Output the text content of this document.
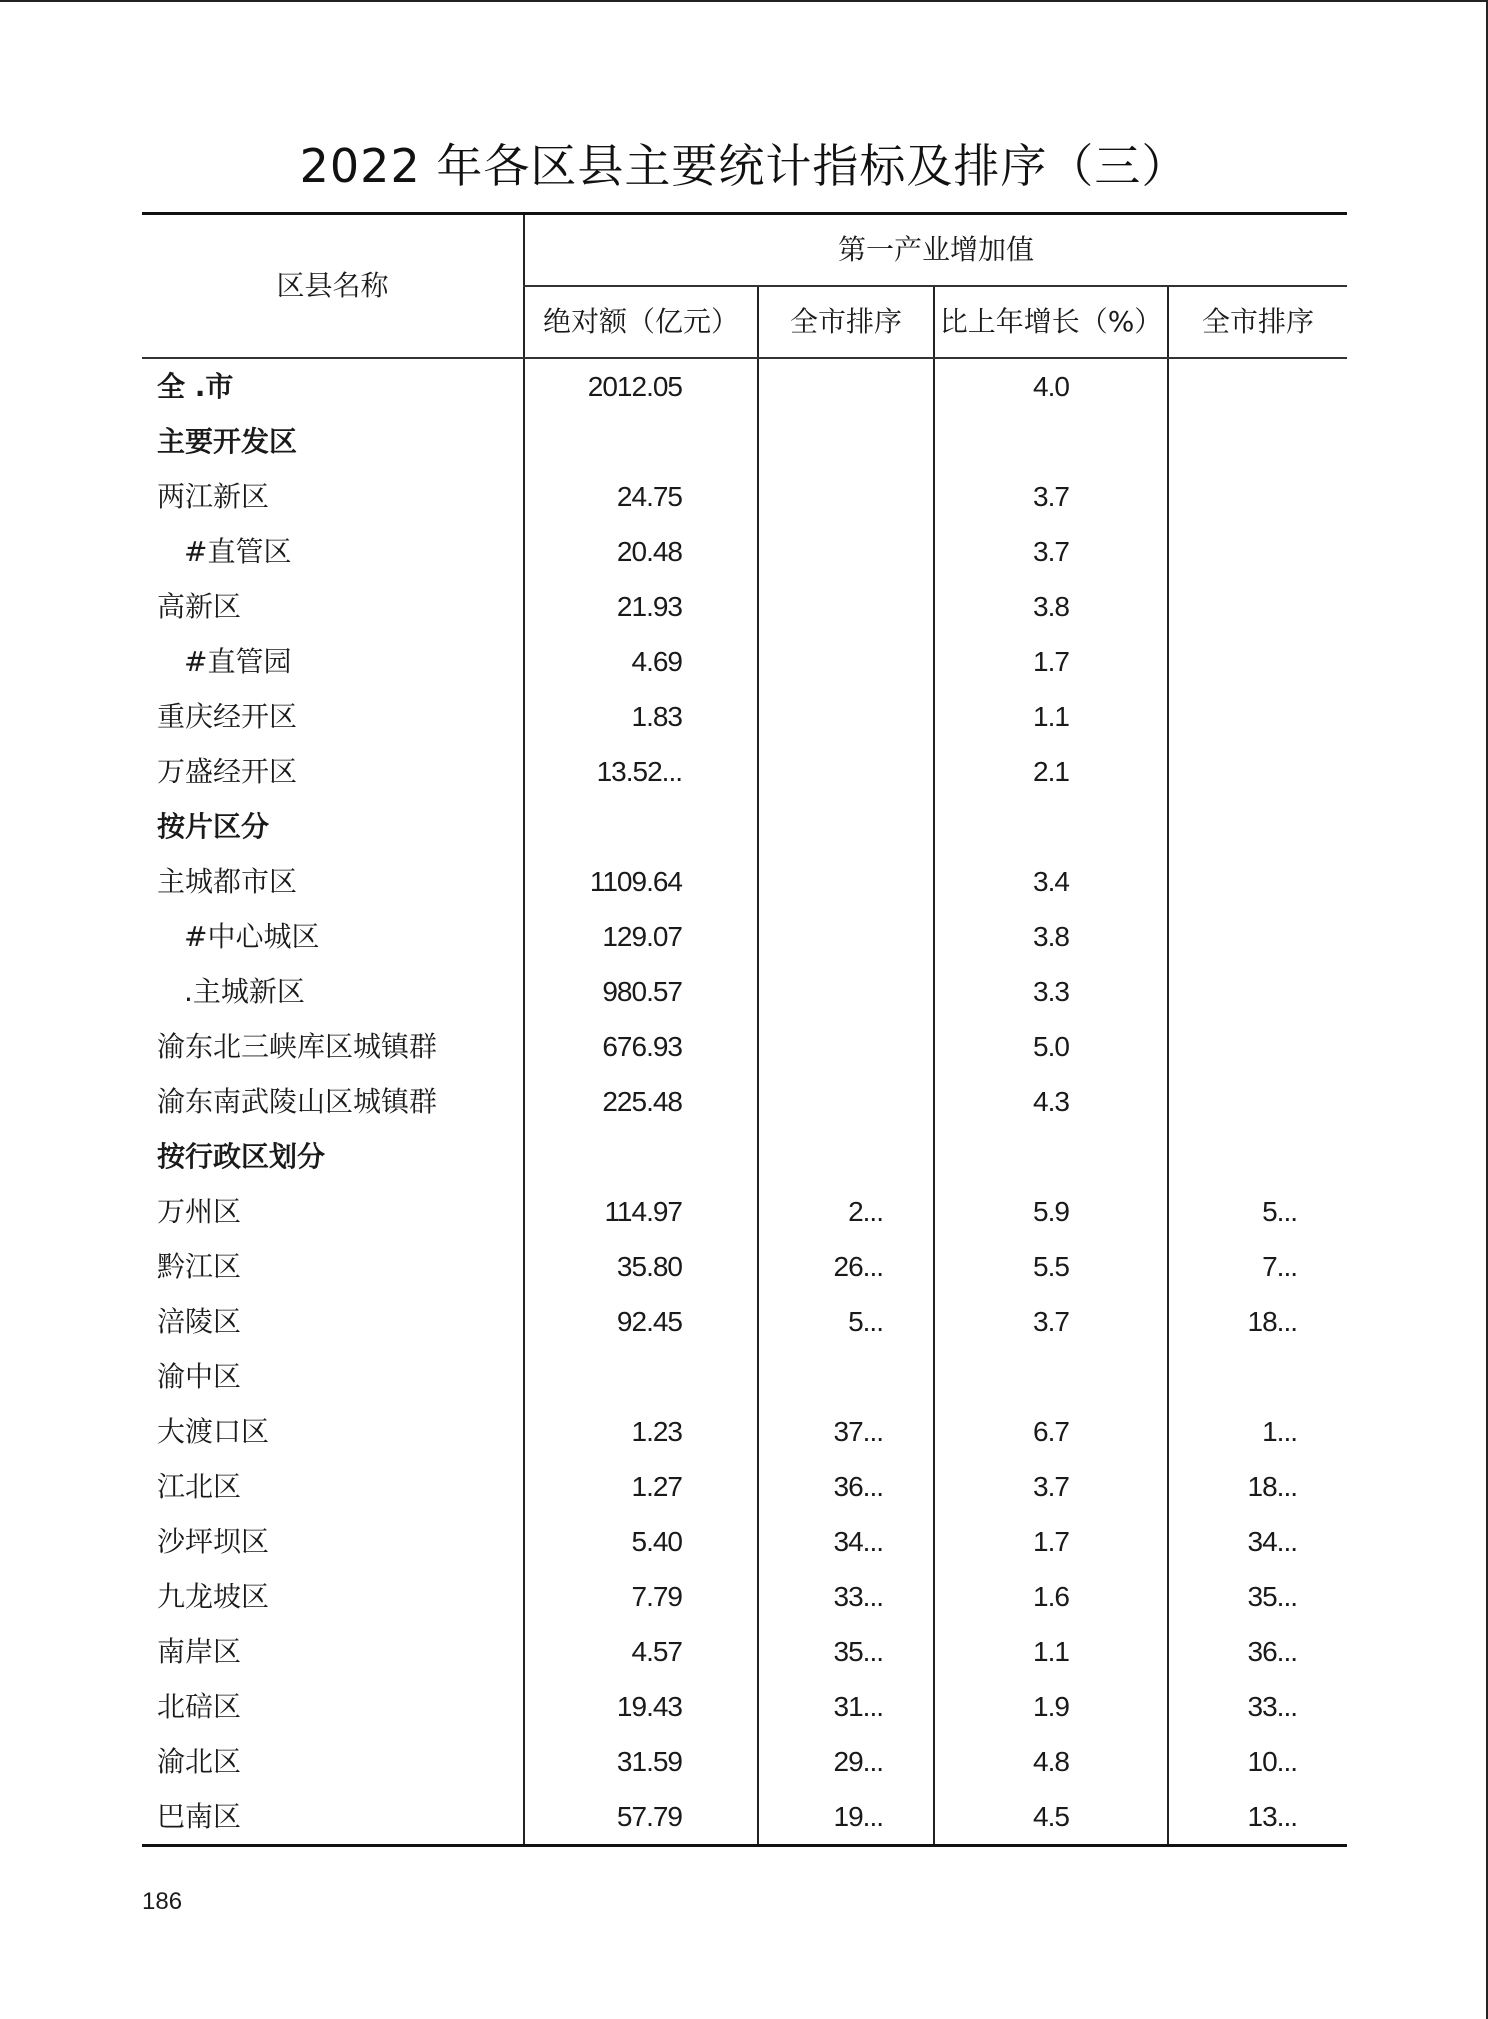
2022 年各区县主要统计指标及排序（三）
区县名称	第一产业增加值			
	绝对额（亿元）	全市排序	比上年增长（%）	全市排序
全 .市	2012.05		4.0	
主要开发区				
两江新区	24.75		3.7	
#直管区	20.48		3.7	
高新区	21.93		3.8	
#直管园	4.69		1.7	
重庆经开区	1.83		1.1	
万盛经开区	13.52...		2.1	
按片区分				
主城都市区	1109.64		3.4	
#中心城区	129.07		3.8	
.主城新区	980.57		3.3	
渝东北三峡库区城镇群	676.93		5.0	
渝东南武陵山区城镇群	225.48		4.3	
按行政区划分				
万州区	114.97	2...	5.9	5...
黔江区	35.80	26...	5.5	7...
涪陵区	92.45	5...	3.7	18...
渝中区				
大渡口区	1.23	37...	6.7	1...
江北区	1.27	36...	3.7	18...
沙坪坝区	5.40	34...	1.7	34...
九龙坡区	7.79	33...	1.6	35...
南岸区	4.57	35...	1.1	36...
北碚区	19.43	31...	1.9	33...
渝北区	31.59	29...	4.8	10...
巴南区	57.79	19...	4.5	13...
186
